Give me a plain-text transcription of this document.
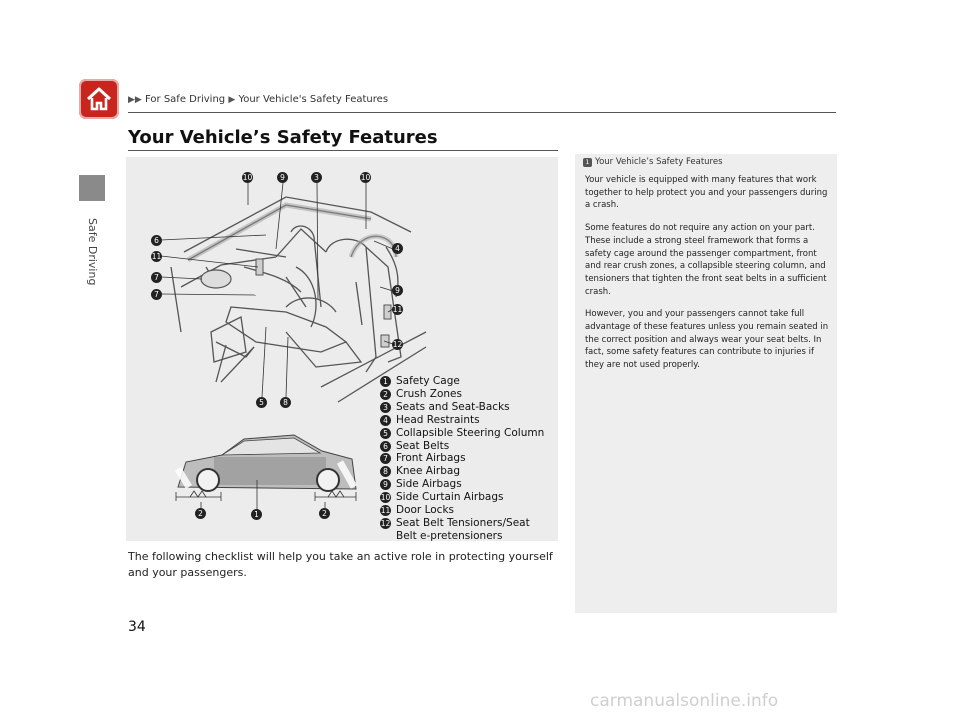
Safe Driving
▶▶ For Safe Driving ▶ Your Vehicle's Safety Features
Your Vehicle’s Safety Features
10	9	3	10
6
11
7
7
4
9
11
12
5	8
2	1	2
1 Safety Cage
2 Crush Zones
3 Seats and Seat-Backs
4 Head Restraints
5 Collapsible Steering Column
6 Seat Belts
7 Front Airbags
8 Knee Airbag
9 Side Airbags
10 Side Curtain Airbags
11 Door Locks
12 Seat Belt Tensioners/Seat Belt e-pretensioners
The following checklist will help you take an active role in protecting yourself and your passengers.
1 Your Vehicle’s Safety Features

Your vehicle is equipped with many features that work together to help protect you and your passengers during a crash.

Some features do not require any action on your part. These include a strong steel framework that forms a safety cage around the passenger compartment, front and rear crush zones, a collapsible steering column, and tensioners that tighten the front seat belts in a sufficient crash.

However, you and your passengers cannot take full advantage of these features unless you remain seated in the correct position and always wear your seat belts. In fact, some safety features can contribute to injuries if they are not used properly.

34
carmanualsonline.info
